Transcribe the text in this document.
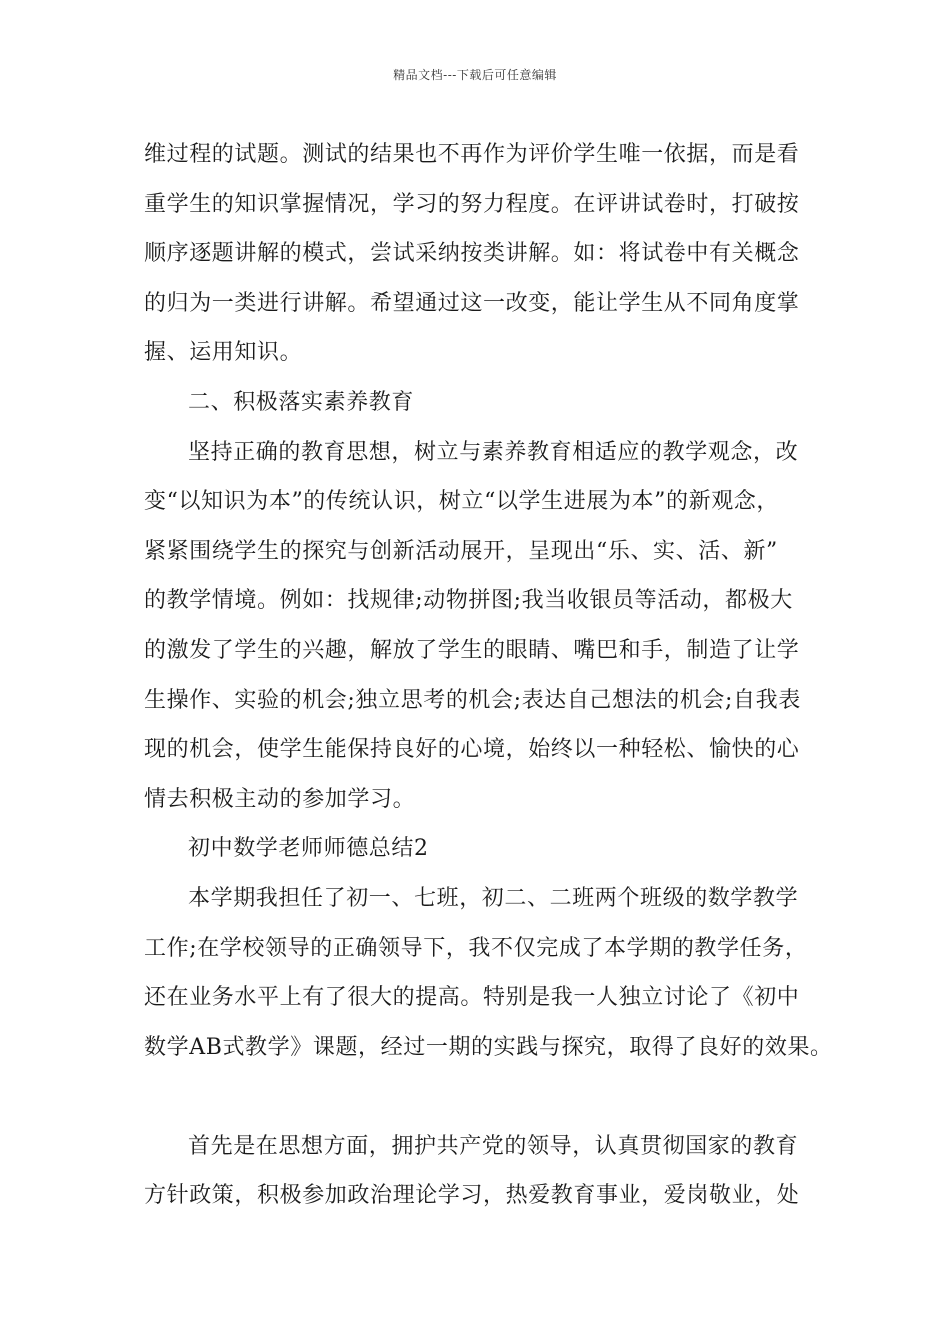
精品文档---下载后可任意编辑
维过程的试题。测试的结果也不再作为评价学生唯一依据，而是看
重学生的知识掌握情况，学习的努力程度。在评讲试卷时，打破按
顺序逐题讲解的模式，尝试采纳按类讲解。如：将试卷中有关概念
的归为一类进行讲解。希望通过这一改变，能让学生从不同角度掌
握、运用知识。
二、积极落实素养教育
坚持正确的教育思想，树立与素养教育相适应的教学观念，改
变“以知识为本”的传统认识，树立“以学生进展为本”的新观念，
紧紧围绕学生的探究与创新活动展开，呈现出“乐、实、活、新”
的教学情境。例如：找规律;动物拼图;我当收银员等活动，都极大
的激发了学生的兴趣，解放了学生的眼睛、嘴巴和手，制造了让学
生操作、实验的机会;独立思考的机会;表达自己想法的机会;自我表
现的机会，使学生能保持良好的心境，始终以一种轻松、愉快的心
情去积极主动的参加学习。
初中数学老师师德总结2
本学期我担任了初一、七班，初二、二班两个班级的数学教学
工作;在学校领导的正确领导下，我不仅完成了本学期的教学任务，
还在业务水平上有了很大的提高。特别是我一人独立讨论了《初中
数学AB式教学》课题，经过一期的实践与探究，取得了良好的效果。
首先是在思想方面，拥护共产党的领导，认真贯彻国家的教育
方针政策，积极参加政治理论学习，热爱教育事业，爱岗敬业，处
